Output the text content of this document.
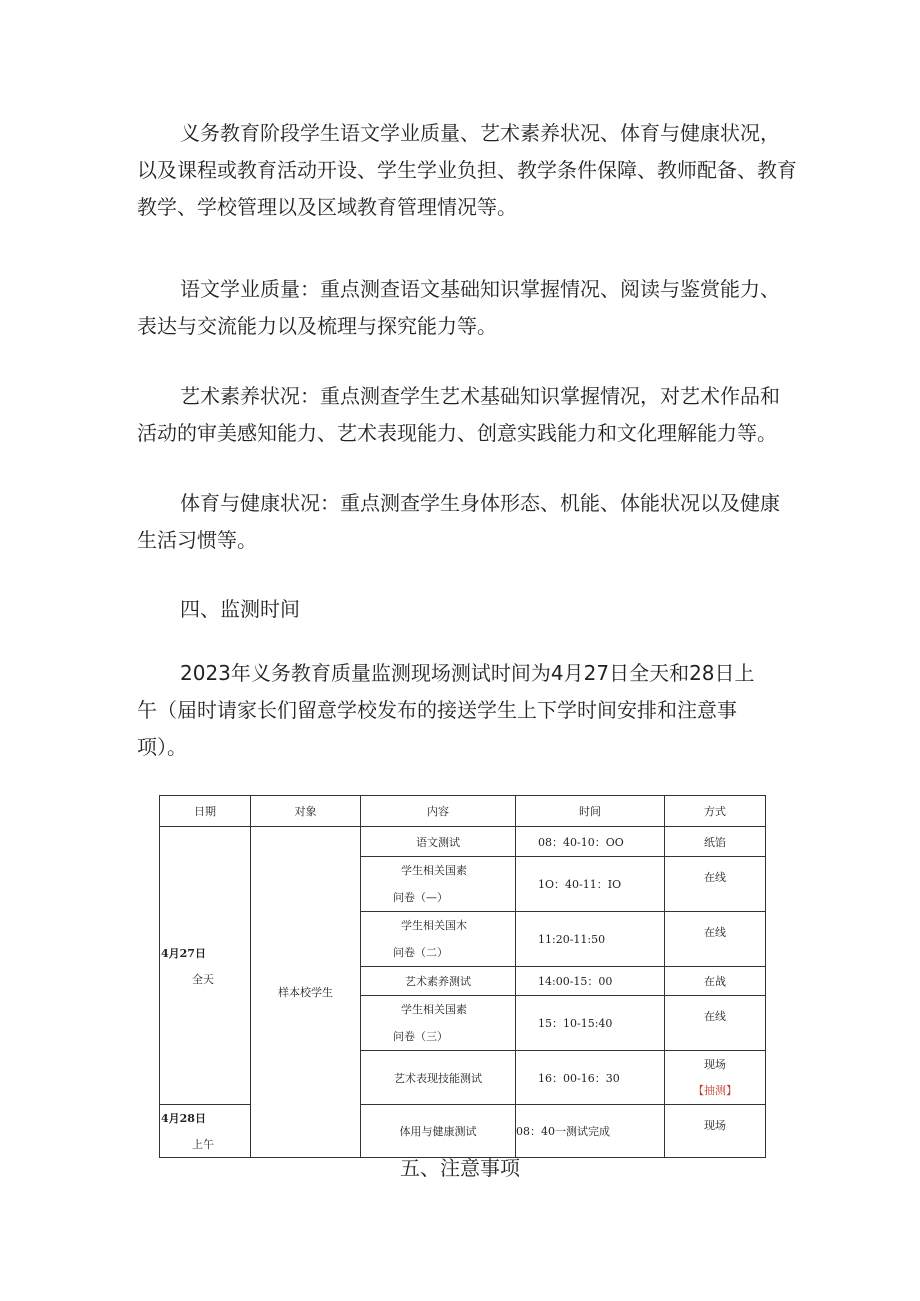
义务教育阶段学生语文学业质量、艺术素养状况、体育与健康状况，
以及课程或教育活动开设、学生学业负担、教学条件保障、教师配备、教育
教学、学校管理以及区域教育管理情况等。
语文学业质量：重点测查语文基础知识掌握情况、阅读与鉴赏能力、
表达与交流能力以及梳理与探究能力等。
艺术素养状况：重点测查学生艺术基础知识掌握情况，对艺术作品和
活动的审美感知能力、艺术表现能力、创意实践能力和文化理解能力等。
体育与健康状况：重点测查学生身体形态、机能、体能状况以及健康
生活习惯等。
四、监测时间
2023年义务教育质量监测现场测试时间为4月27日全天和28日上
午（届时请家长们留意学校发布的接送学生上下学时间安排和注意事
项）。
日期	对象	内容	时间	方式

4月27日
全天	样本校学生	语文测试	08：40-10：OO	纸馅

		学生相关国素
问卷（—）	1O：40-11：IO	在线

		学生相关国木
问卷（二）	11:20-11:50	在线
		艺术素养测试	14:00-15：00	在战

		学生相关国素
问卷（三）	15：10-15:40	在线
		艺术表现技能测试	16：00-16：30	现场
【抽测】

4月28日
上午		体用与健康测试	08：40一测试完成	现场
五、注意事项
